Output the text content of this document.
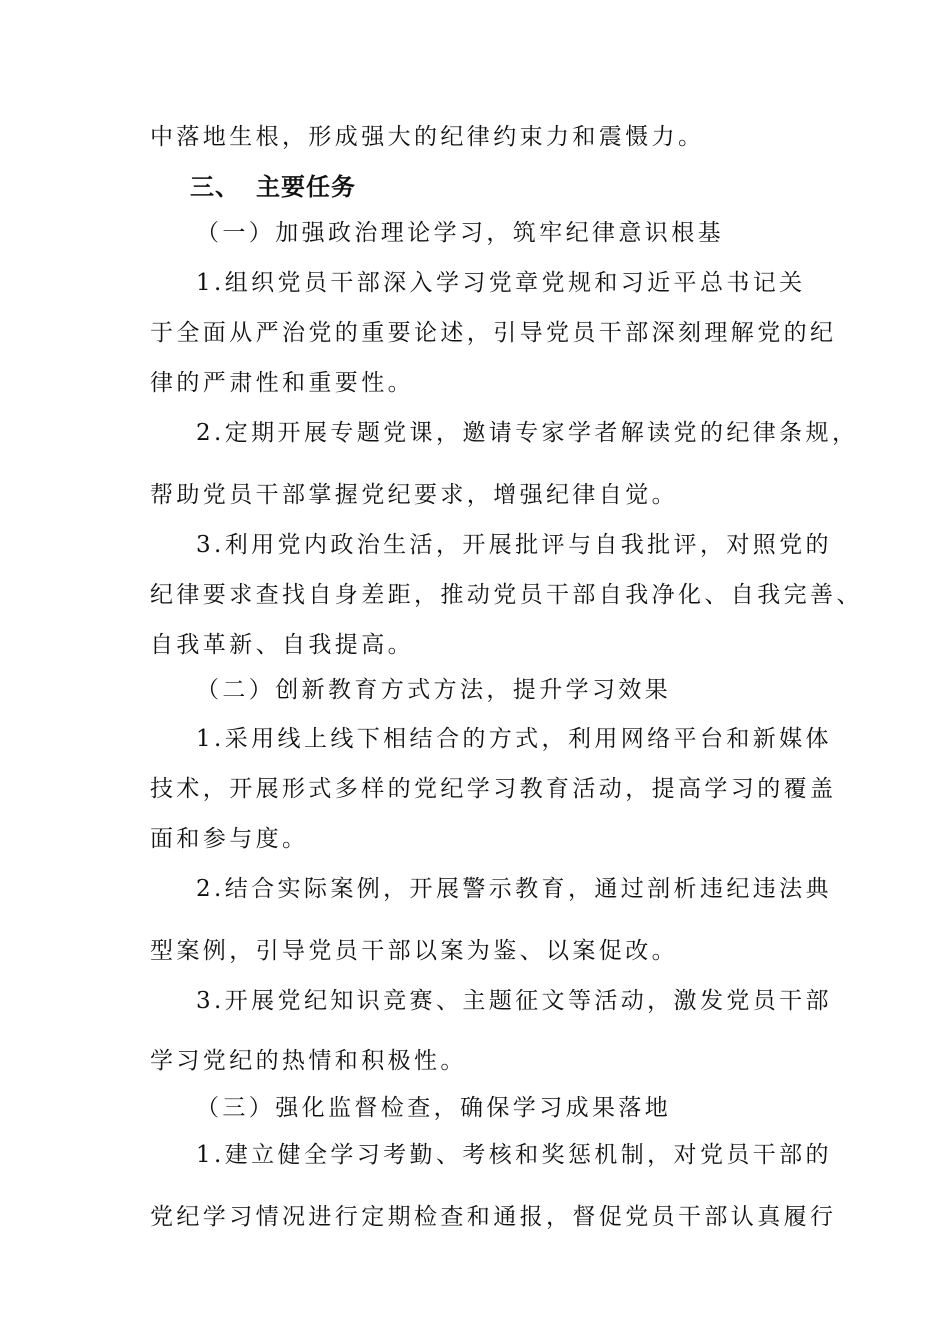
中落地生根，形成强大的纪律约束力和震慑力。
三、 主要任务
（一）加强政治理论学习，筑牢纪律意识根基
1.组织党员干部深入学习党章党规和习近平总书记关
于全面从严治党的重要论述，引导党员干部深刻理解党的纪
律的严肃性和重要性。
2.定期开展专题党课，邀请专家学者解读党的纪律条规，
帮助党员干部掌握党纪要求，增强纪律自觉。
3.利用党内政治生活，开展批评与自我批评，对照党的
纪律要求查找自身差距，推动党员干部自我净化、自我完善、
自我革新、自我提高。
（二）创新教育方式方法，提升学习效果
1.采用线上线下相结合的方式，利用网络平台和新媒体
技术，开展形式多样的党纪学习教育活动，提高学习的覆盖
面和参与度。
2.结合实际案例，开展警示教育，通过剖析违纪违法典
型案例，引导党员干部以案为鉴、以案促改。
3.开展党纪知识竞赛、主题征文等活动，激发党员干部
学习党纪的热情和积极性。
（三）强化监督检查，确保学习成果落地
1.建立健全学习考勤、考核和奖惩机制，对党员干部的
党纪学习情况进行定期检查和通报，督促党员干部认真履行
